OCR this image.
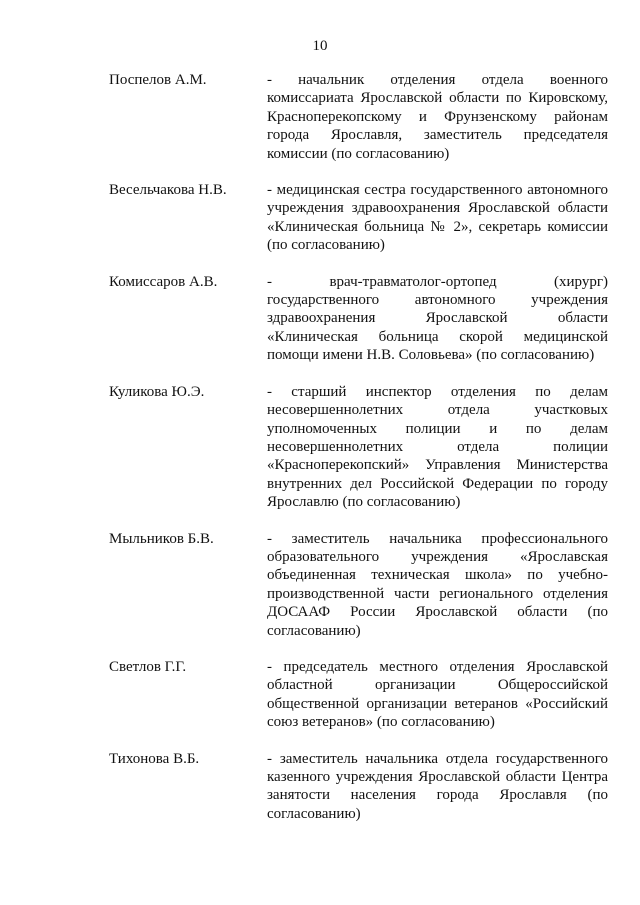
10
Поспелов А.М.	- начальник отделения отдела военного комиссариата Ярославской области по Кировскому, Красноперекопскому и Фрунзенскому районам города Ярославля, заместитель председателя комиссии (по согласованию)
Весельчакова Н.В.	- медицинская сестра государственного автономного учреждения здравоохранения Ярославской области «Клиническая больница № 2», секретарь комиссии (по согласованию)
Комиссаров А.В.	- врач-травматолог-ортопед (хирург) государственного автономного учреждения здравоохранения Ярославской области «Клиническая больница скорой медицинской помощи имени Н.В. Соловьева» (по согласованию)
Куликова Ю.Э.	- старший инспектор отделения по делам несовершеннолетних отдела участковых уполномоченных полиции и по делам несовершеннолетних отдела полиции «Красноперекопский» Управления Министерства внутренних дел Российской Федерации по городу Ярославлю (по согласованию)
Мыльников Б.В.	- заместитель начальника профессионального образовательного учреждения «Ярославская объединенная техническая школа» по учебно-производственной части регионального отделения ДОСААФ России Ярославской области (по согласованию)
Светлов Г.Г.	- председатель местного отделения Ярославской областной организации Общероссийской общественной организации ветеранов «Российский союз ветеранов» (по согласованию)
Тихонова В.Б.	- заместитель начальника отдела государственного казенного учреждения Ярославской области Центра занятости населения города Ярославля (по согласованию)
